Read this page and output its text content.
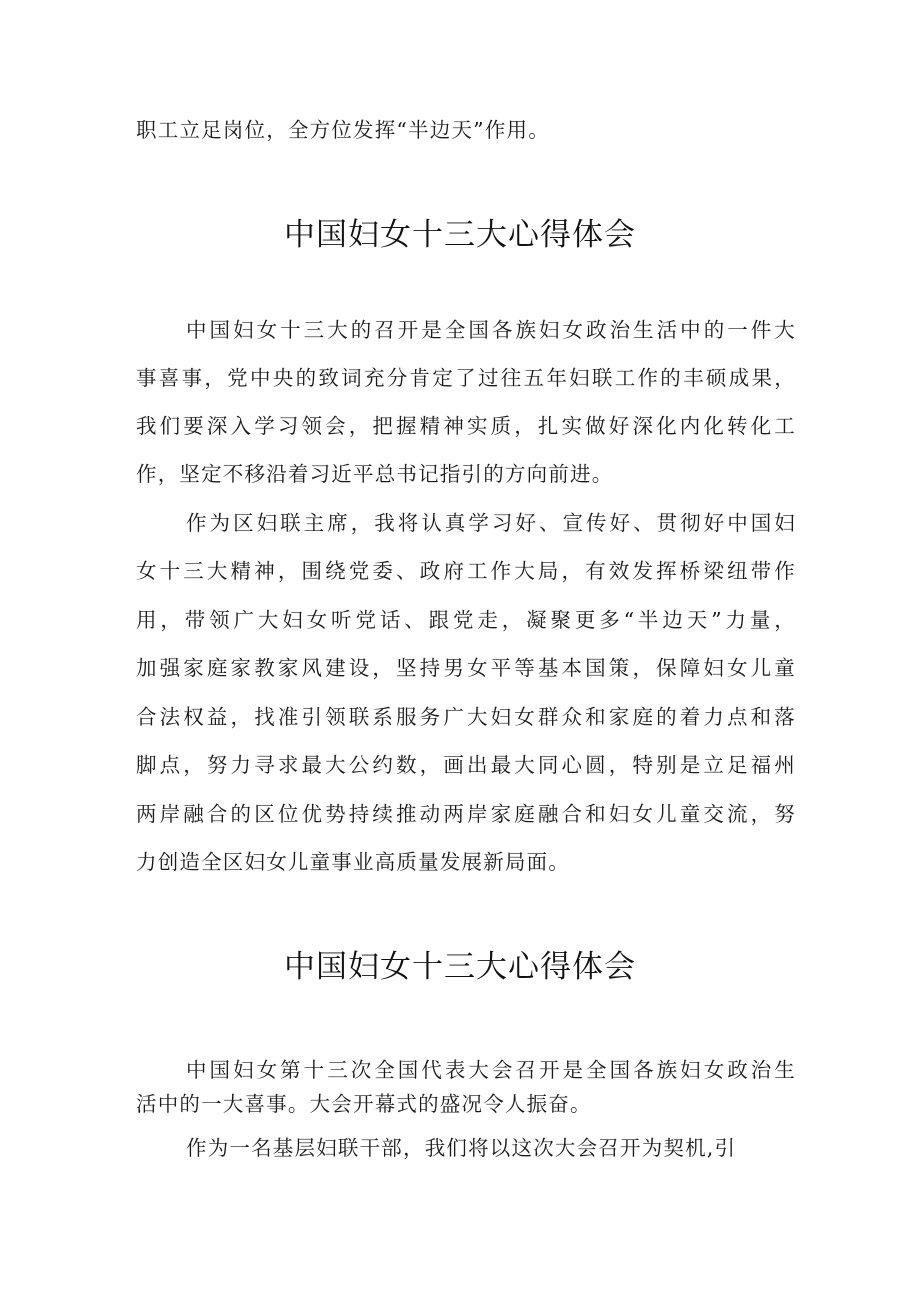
职工立足岗位，全方位发挥“半边天”作用。
中国妇女十三大心得体会
中国妇女十三大的召开是全国各族妇女政治生活中的一件大
事喜事，党中央的致词充分肯定了过往五年妇联工作的丰硕成果，
我们要深入学习领会，把握精神实质，扎实做好深化内化转化工
作，坚定不移沿着习近平总书记指引的方向前进。
作为区妇联主席，我将认真学习好、宣传好、贯彻好中国妇
女十三大精神，围绕党委、政府工作大局，有效发挥桥梁纽带作
用，带领广大妇女听党话、跟党走，凝聚更多“半边天”力量，
加强家庭家教家风建设，坚持男女平等基本国策，保障妇女儿童
合法权益，找准引领联系服务广大妇女群众和家庭的着力点和落
脚点，努力寻求最大公约数，画出最大同心圆，特别是立足福州
两岸融合的区位优势持续推动两岸家庭融合和妇女儿童交流，努
力创造全区妇女儿童事业高质量发展新局面。
中国妇女十三大心得体会
中国妇女第十三次全国代表大会召开是全国各族妇女政治生
活中的一大喜事。大会开幕式的盛况令人振奋。
作为一名基层妇联干部，我们将以这次大会召开为契机,引
